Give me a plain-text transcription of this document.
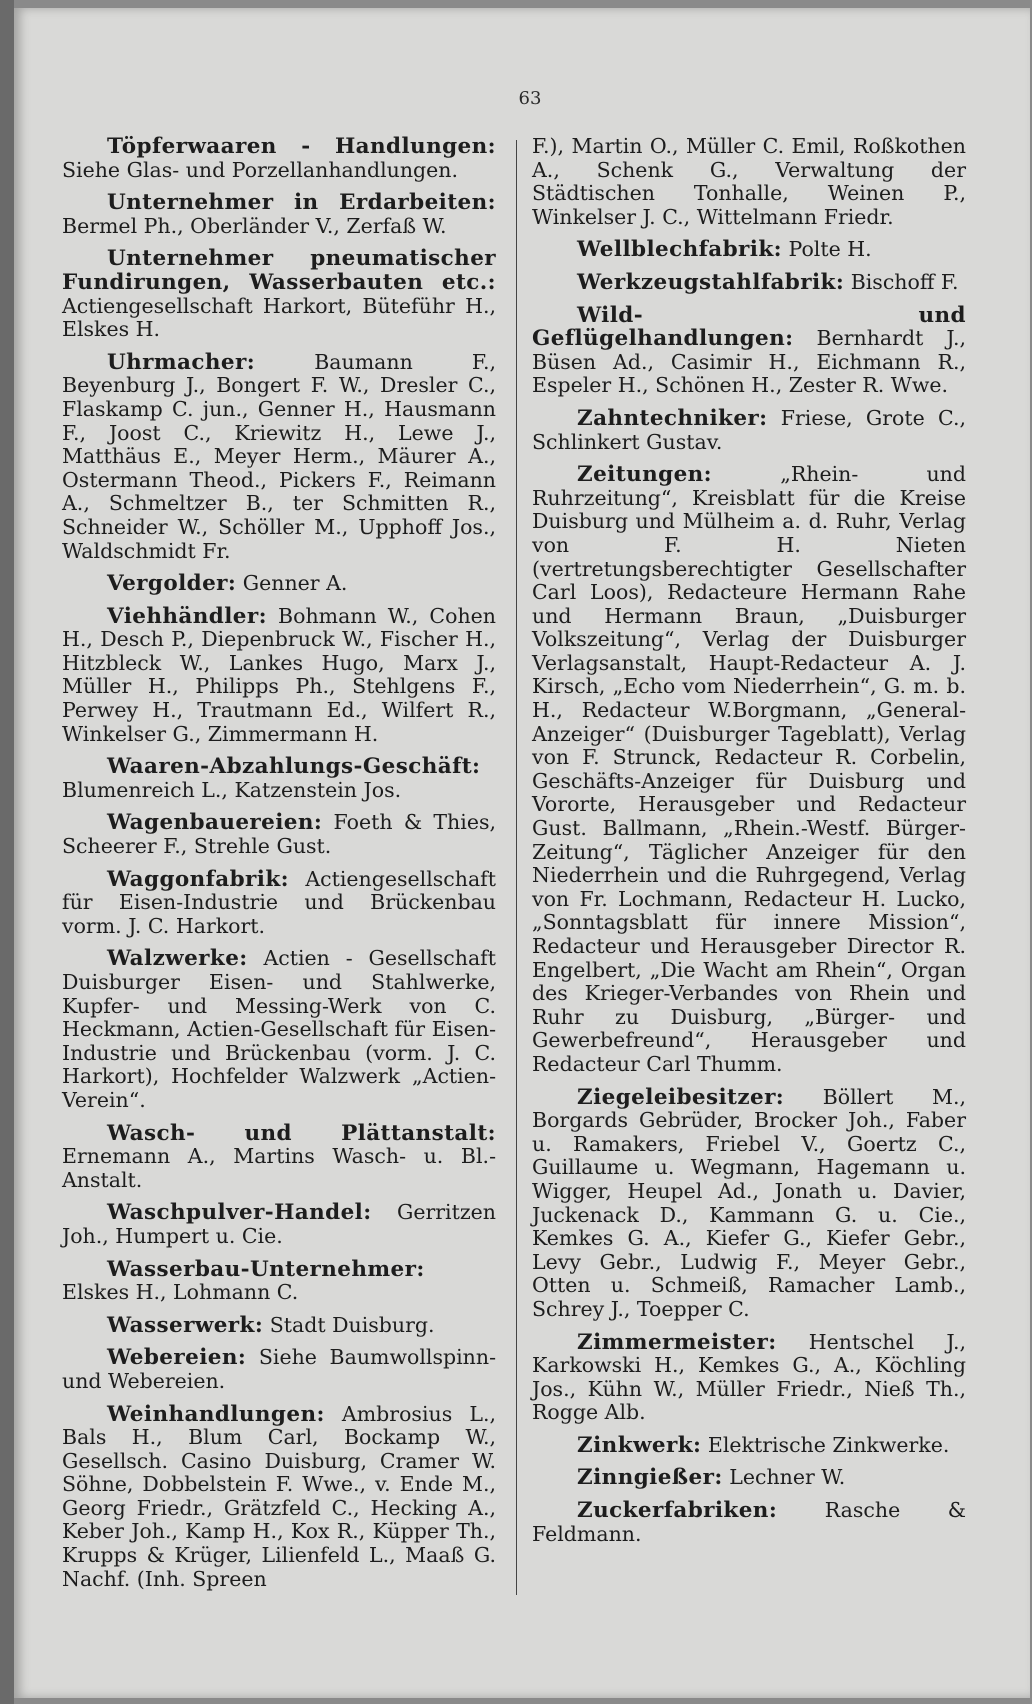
63

Töpferwaaren - Handlungen: Siehe Glas- und Porzellanhandlungen.

Unternehmer in Erdarbeiten: Bermel Ph., Oberländer V., Zerfaß W.

Unternehmer pneumatischer Fundirungen, Wasserbauten etc.: Actiengesellschaft Harkort, Büteführ H., Elskes H.

Uhrmacher:	Baumann F., Beyenburg J., Bongert F. W., Dresler C., Flaskamp C. jun., Genner H., Hausmann F., Joost C., Kriewitz H., Lewe J., Matthäus E., Meyer Herm., Mäurer A., Ostermann Theod., Pickers F., Reimann A., Schmeltzer B., ter Schmitten R., Schneider W., Schöller M., Upphoff Jos., Waldschmidt Fr.

Vergolder: Genner A.

Viehhändler: Bohmann W., Cohen H., Desch P., Diepenbruck W., Fischer H., Hitzbleck W., Lankes Hugo, Marx J., Müller H., Philipps Ph., Stehlgens F., Perwey H., Trautmann Ed., Wilfert R., Winkelser G., Zimmermann H.

Waaren-Abzahlungs-Geschäft: Blumenreich L., Katzenstein Jos.

Wagenbauereien: Foeth & Thies, Scheerer F., Strehle Gust.

Waggonfabrik: Actiengesellschaft für Eisen-Industrie und Brückenbau vorm. J. C. Harkort.

Walzwerke: Actien - Gesellschaft Duisburger Eisen- und Stahlwerke, Kupfer- und Messing-Werk von C. Heckmann, Actien-Gesellschaft für Eisen-Industrie und Brückenbau (vorm. J. C. Harkort), Hochfelder Walzwerk „Actien-Verein“.

Wasch- und Plättanstalt: Ernemann A., Martins Wasch- u. Bl.-Anstalt.

Waschpulver-Handel: Gerritzen Joh., Humpert u. Cie.

Wasserbau-Unternehmer: Elskes H., Lohmann C.

Wasserwerk: Stadt Duisburg.

Webereien: Siehe Baumwollspinn- und Webereien.

Weinhandlungen: Ambrosius L., Bals H., Blum Carl, Bockamp W., Gesellsch. Casino Duisburg, Cramer W. Söhne, Dobbelstein F. Wwe., v. Ende M., Georg Friedr., Grätzfeld C., Hecking A., Keber Joh., Kamp H., Kox R., Küpper Th., Krupps & Krüger, Lilienfeld L., Maaß G. Nachf. (Inh. Spreen

F.), Martin O., Müller C. Emil, Roßkothen A., Schenk G., Verwaltung der Städtischen Tonhalle, Weinen P., Winkelser J. C., Wittelmann Friedr.

Wellblechfabrik: Polte H.

Werkzeugstahlfabrik: Bischoff F.

Wild- und Geflügelhandlungen: Bernhardt J., Büsen Ad., Casimir H., Eichmann R., Espeler H., Schönen H., Zester R. Wwe.

Zahntechniker: Friese, Grote C., Schlinkert Gustav.

Zeitungen:	„Rhein- und Ruhrzeitung“, Kreisblatt für die Kreise Duisburg und Mülheim a. d. Ruhr, Verlag von F. H. Nieten (vertretungsberechtigter Gesellschafter Carl Loos), Redacteure Hermann Rahe und Hermann Braun, „Duisburger Volkszeitung“, Verlag der Duisburger Verlagsanstalt, Haupt-Redacteur A. J. Kirsch, „Echo vom Niederrhein“, G. m. b. H., Redacteur W.Borgmann, „General-Anzeiger“ (Duisburger Tageblatt), Verlag von F. Strunck, Redacteur R. Corbelin, Geschäfts-Anzeiger für Duisburg und Vororte, Herausgeber und Redacteur Gust. Ballmann, „Rhein.-Westf. Bürger-Zeitung“, Täglicher Anzeiger für den Niederrhein und die Ruhrgegend, Verlag von Fr. Lochmann, Redacteur H. Lucko, „Sonntagsblatt für innere Mission“, Redacteur und Herausgeber Director R. Engelbert, „Die Wacht am Rhein“, Organ des Krieger-Verbandes von Rhein und Ruhr zu Duisburg, „Bürger- und Gewerbefreund“, Herausgeber und Redacteur Carl Thumm.

Ziegeleibesitzer: Böllert M., Borgards Gebrüder, Brocker Joh., Faber u. Ramakers, Friebel V., Goertz C., Guillaume u. Wegmann, Hagemann u. Wigger, Heupel Ad., Jonath u. Davier, Juckenack D., Kammann G. u. Cie., Kemkes G. A., Kiefer G., Kiefer Gebr., Levy Gebr., Ludwig F., Meyer Gebr., Otten u. Schmeiß, Ramacher Lamb., Schrey J., Toepper C.

Zimmermeister: Hentschel J., Karkowski H., Kemkes G., A., Köchling Jos., Kühn W., Müller Friedr., Nieß Th., Rogge Alb.

Zinkwerk: Elektrische Zinkwerke.

Zinngießer: Lechner W.

Zuckerfabriken: Rasche & Feldmann.
